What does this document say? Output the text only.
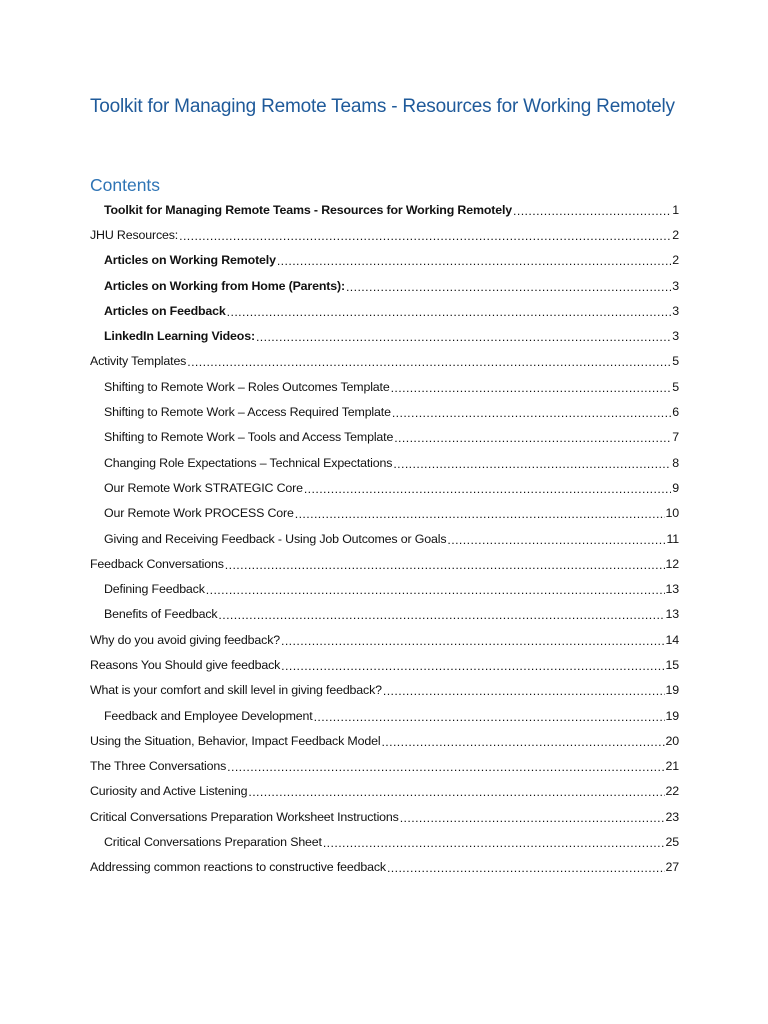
Toolkit for Managing Remote Teams - Resources for Working Remotely
Contents
Toolkit for Managing Remote Teams - Resources for Working Remotely .....	1
JHU Resources: .....	2
Articles on Working Remotely .....	2
Articles on Working from Home (Parents): .....	3
Articles on Feedback .....	3
LinkedIn Learning Videos: .....	3
Activity Templates .....	5
Shifting to Remote Work – Roles Outcomes Template .....	5
Shifting to Remote Work – Access Required Template .....	6
Shifting to Remote Work – Tools and Access Template .....	7
Changing Role Expectations – Technical Expectations .....	8
Our Remote Work STRATEGIC Core .....	9
Our Remote Work PROCESS Core .....	10
Giving and Receiving Feedback - Using Job Outcomes or Goals .....	11
Feedback Conversations .....	12
Defining Feedback .....	13
Benefits of Feedback .....	13
Why do you avoid giving feedback? .....	14
Reasons You Should give feedback .....	15
What is your comfort and skill level in giving feedback? .....	19
Feedback and Employee Development .....	19
Using the Situation, Behavior, Impact Feedback Model .....	20
The Three Conversations .....	21
Curiosity and Active Listening .....	22
Critical Conversations Preparation Worksheet Instructions .....	23
Critical Conversations Preparation Sheet .....	25
Addressing common reactions to constructive feedback .....	27
